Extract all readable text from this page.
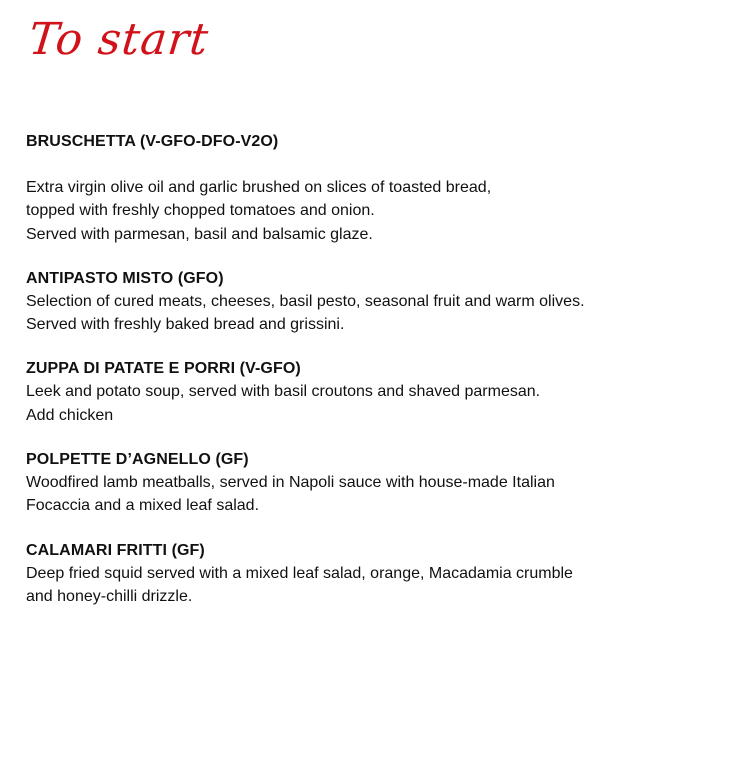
To start

BRUSCHETTA (V-GFO-DFO-V2O)

Extra virgin olive oil and garlic brushed on slices of toasted bread,
topped with freshly chopped tomatoes and onion.
Served with parmesan, basil and balsamic glaze.

ANTIPASTO MISTO (GFO)

Selection of cured meats, cheeses, basil pesto, seasonal fruit and warm olives.
Served with freshly baked bread and grissini.

ZUPPA DI PATATE E PORRI (V-GFO)

Leek and potato soup, served with basil croutons and shaved parmesan.
Add chicken

POLPETTE D’AGNELLO (GF)

Woodfired lamb meatballs, served in Napoli sauce with house-made Italian
Focaccia and a mixed leaf salad.

CALAMARI FRITTI (GF)

Deep fried squid served with a mixed leaf salad, orange, Macadamia crumble
and honey-chilli drizzle.
